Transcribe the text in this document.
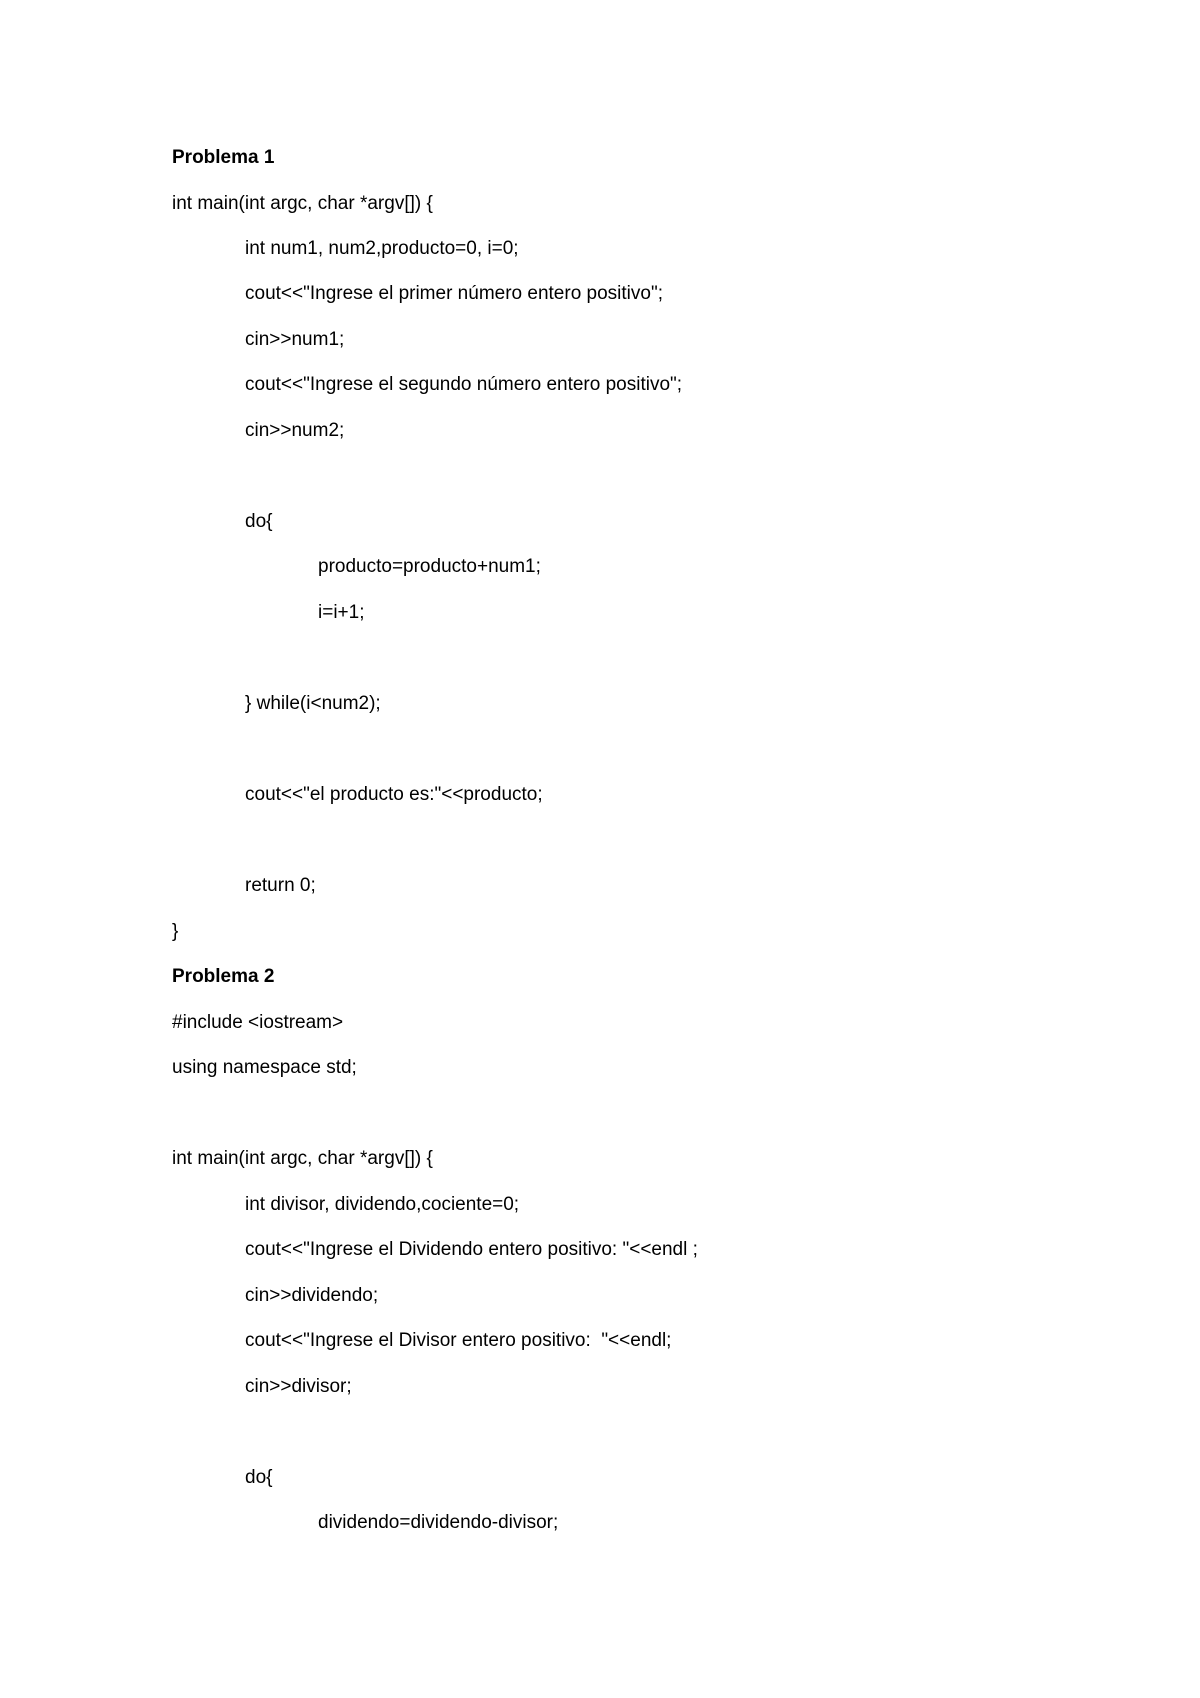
Problema 1
int main(int argc, char *argv[]) {
int num1, num2,producto=0, i=0;
cout<<"Ingrese el primer número entero positivo";
cin>>num1;
cout<<"Ingrese el segundo número entero positivo";
cin>>num2;
do{
producto=producto+num1;
i=i+1;
} while(i<num2);
cout<<"el producto es:"<<producto;
return 0;
}
Problema 2
#include <iostream>
using namespace std;
int main(int argc, char *argv[]) {
int divisor, dividendo,cociente=0;
cout<<"Ingrese el Dividendo entero positivo: "<<endl ;
cin>>dividendo;
cout<<"Ingrese el Divisor entero positivo:  "<<endl;
cin>>divisor;
do{
dividendo=dividendo-divisor;
